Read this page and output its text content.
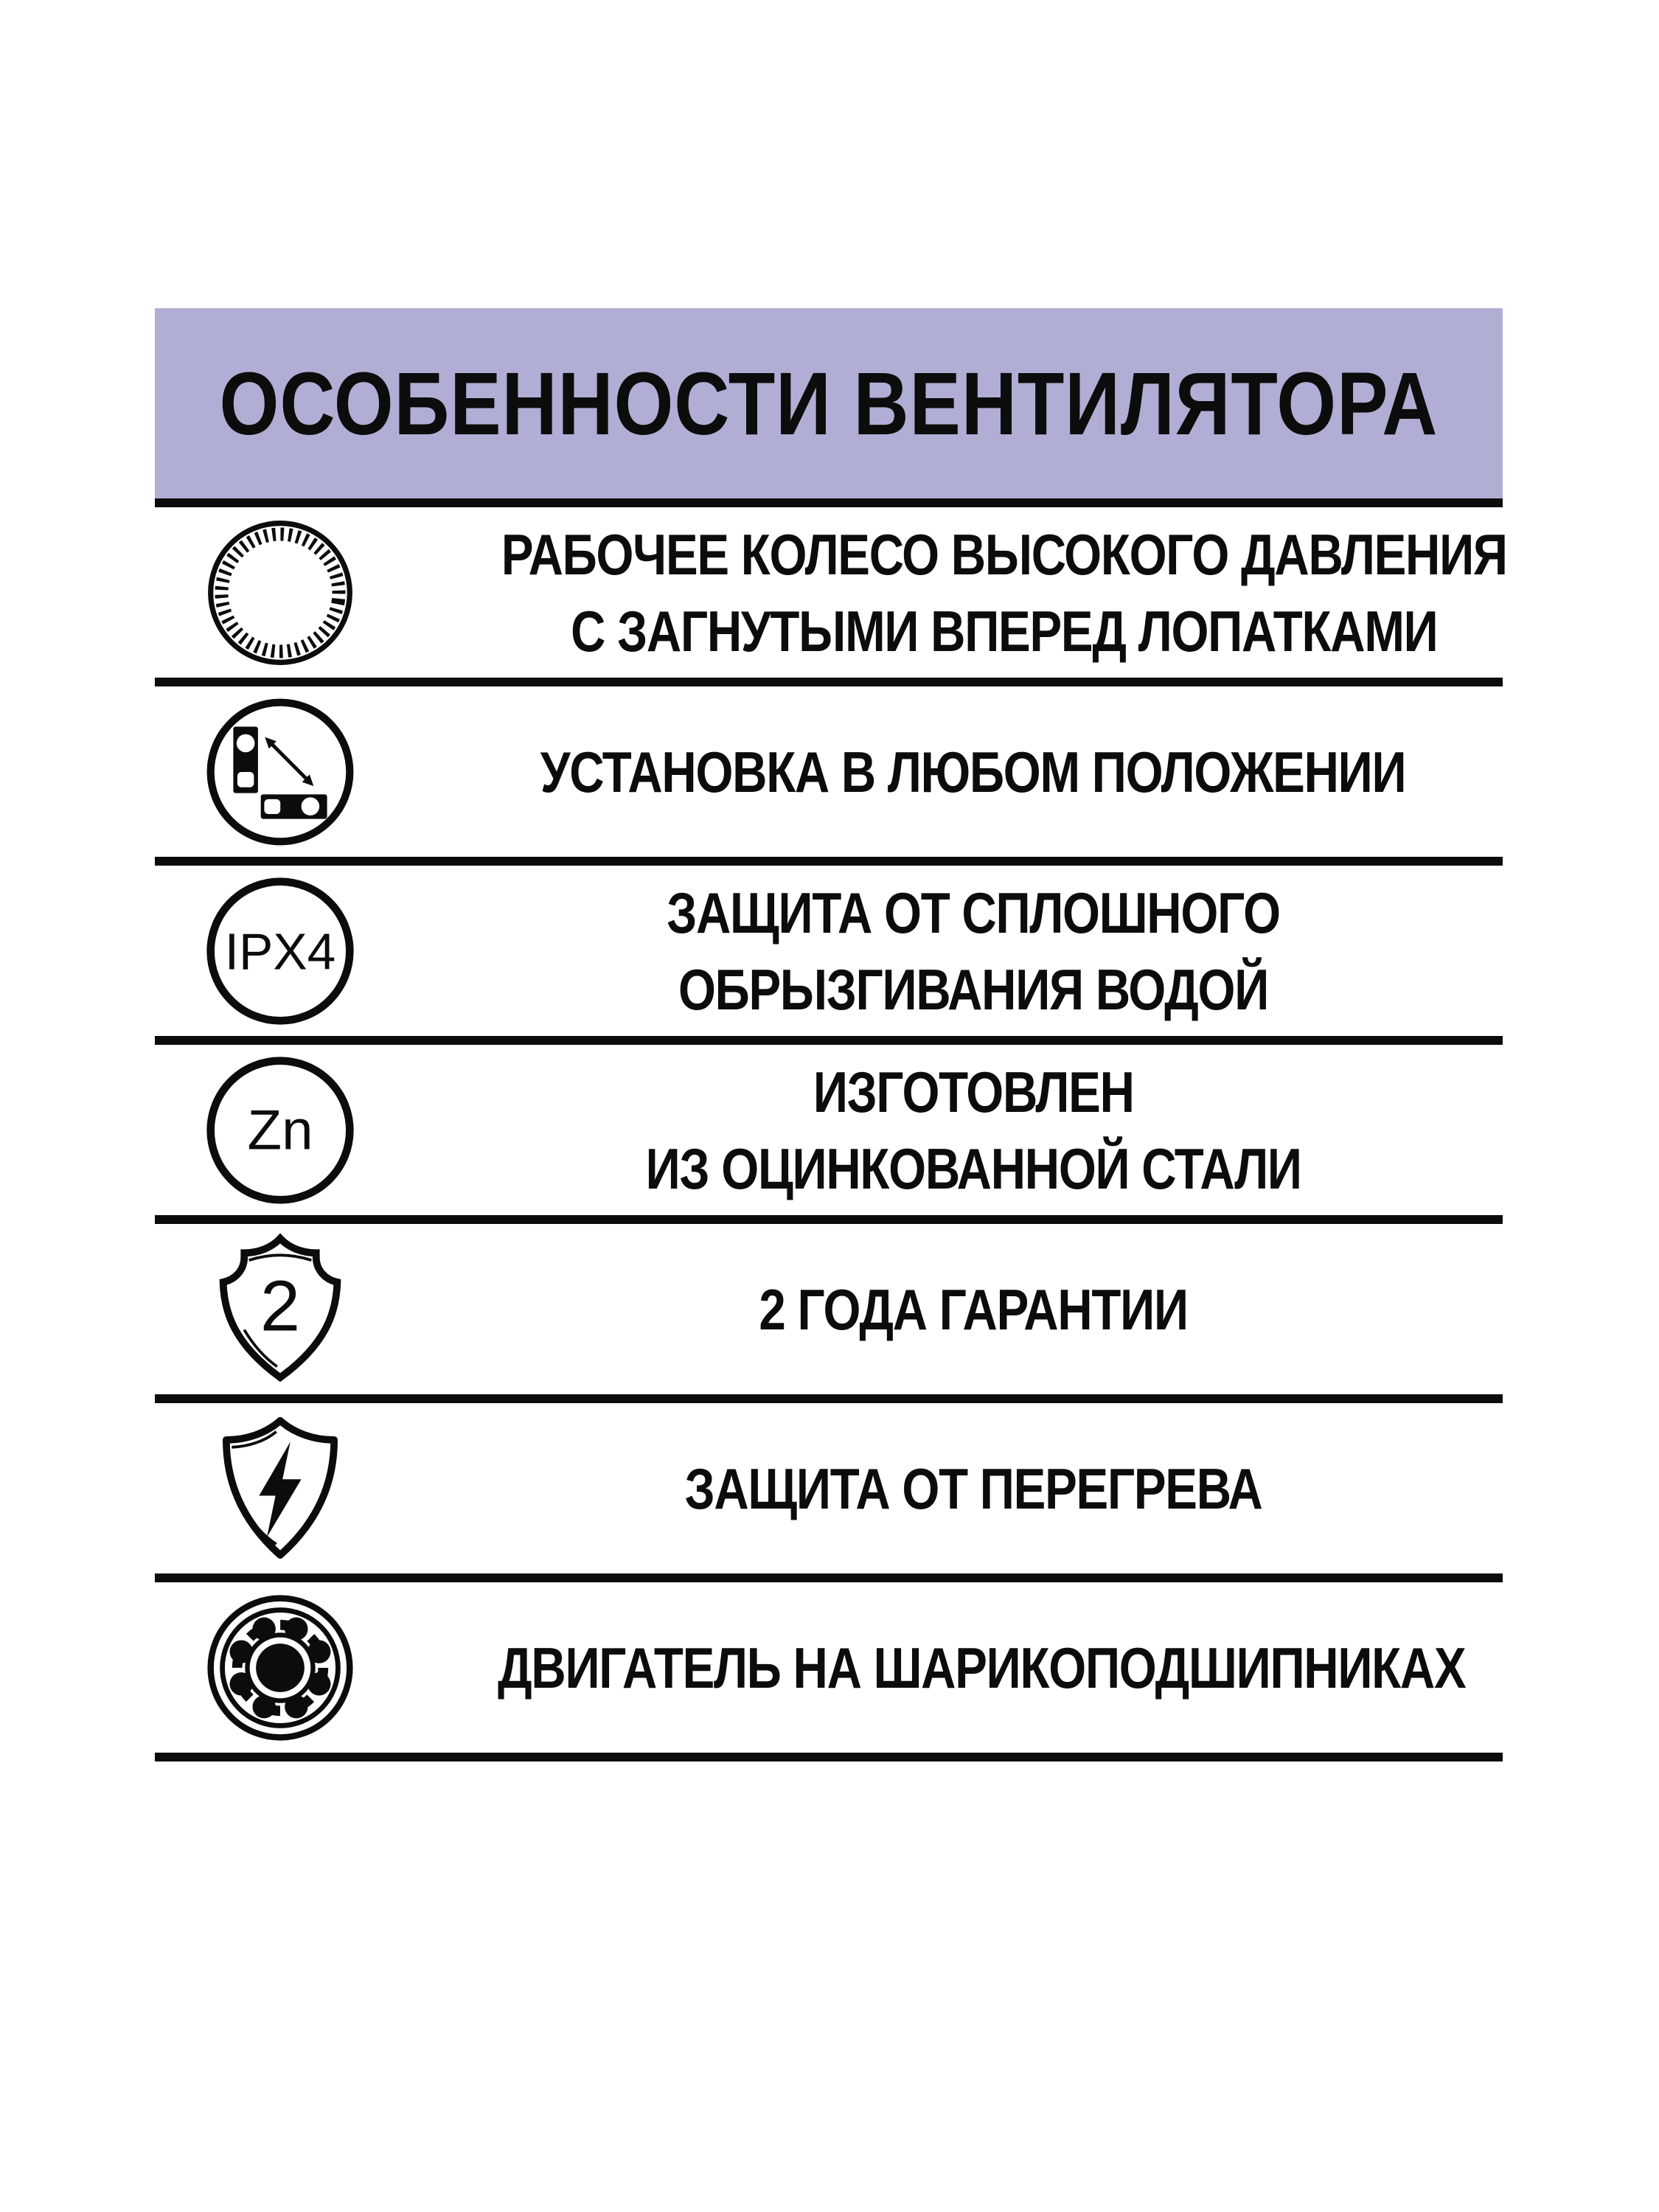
ОСОБЕННОСТИ ВЕНТИЛЯТОРА
РАБОЧЕЕ КОЛЕСО ВЫСОКОГО ДАВЛЕНИЯ
С ЗАГНУТЫМИ ВПЕРЕД ЛОПАТКАМИ
УСТАНОВКА В ЛЮБОМ ПОЛОЖЕНИИ
IPX4
ЗАЩИТА ОТ СПЛОШНОГО
ОБРЫЗГИВАНИЯ ВОДОЙ
Zn
ИЗГОТОВЛЕН
ИЗ ОЦИНКОВАННОЙ СТАЛИ
2	2 ГОДА ГАРАНТИИ
ЗАЩИТА ОТ ПЕРЕГРЕВА
ДВИГАТЕЛЬ НА ШАРИКОПОДШИПНИКАХ
